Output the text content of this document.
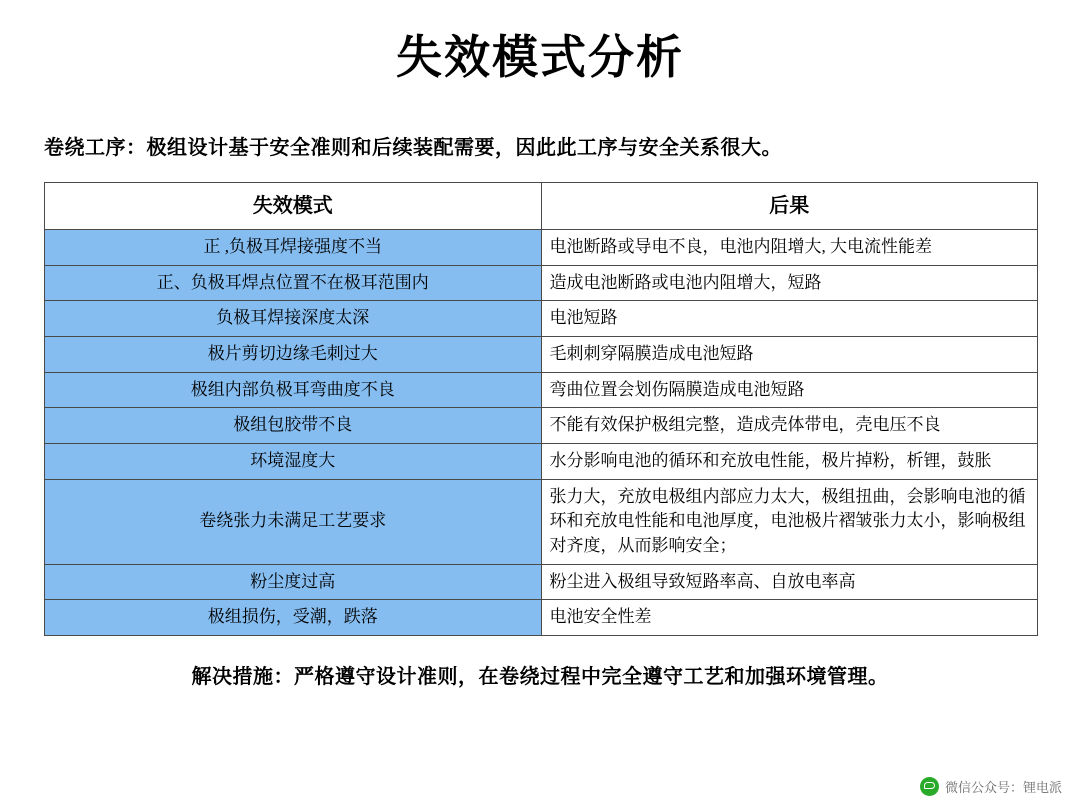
失效模式分析
卷绕工序：极组设计基于安全准则和后续装配需要，因此此工序与安全关系很大。
失效模式	后果
正 ,负极耳焊接强度不当	电池断路或导电不良，电池内阻增大, 大电流性能差
正、负极耳焊点位置不在极耳范围内	造成电池断路或电池内阻增大，短路
负极耳焊接深度太深	电池短路
极片剪切边缘毛刺过大	毛刺刺穿隔膜造成电池短路
极组内部负极耳弯曲度不良	弯曲位置会划伤隔膜造成电池短路
极组包胶带不良	不能有效保护极组完整，造成壳体带电，壳电压不良
环境湿度大	水分影响电池的循环和充放电性能，极片掉粉，析锂，鼓胀
卷绕张力未满足工艺要求	张力大，充放电极组内部应力太大，极组扭曲，会影响电池的循环和充放电性能和电池厚度，电池极片褶皱张力太小，影响极组对齐度，从而影响安全；
粉尘度过高	粉尘进入极组导致短路率高、自放电率高
极组损伤，受潮，跌落	电池安全性差
解决措施：严格遵守设计准则，在卷绕过程中完全遵守工艺和加强环境管理。
微信公众号：锂电派
